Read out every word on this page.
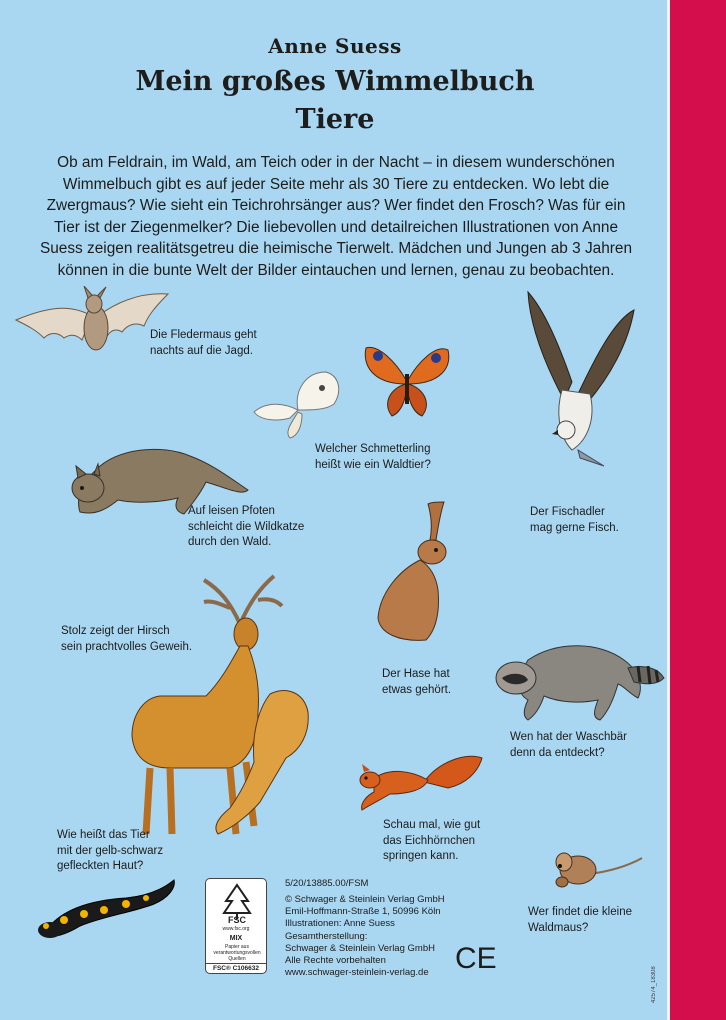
Anne Suess
Mein großes Wimmelbuch
Tiere
Ob am Feldrain, im Wald, am Teich oder in der Nacht – in diesem wunderschönen Wimmelbuch gibt es auf jeder Seite mehr als 30 Tiere zu entdecken. Wo lebt die Zwergmaus? Wie sieht ein Teichrohrsänger aus? Wer findet den Frosch? Was für ein Tier ist der Ziegenmelker? Die liebevollen und detailreichen Illustrationen von Anne Suess zeigen realitätsgetreu die heimische Tierwelt. Mädchen und Jungen ab 3 Jahren können in die bunte Welt der Bilder eintauchen und lernen, genau zu beobachten.
Die Fledermaus geht
nachts auf die Jagd.
Welcher Schmetterling
heißt wie ein Waldtier?
Der Fischadler
mag gerne Fisch.
Auf leisen Pfoten
schleicht die Wildkatze
durch den Wald.
Der Hase hat
etwas gehört.
Wen hat der Waschbär
denn da entdeckt?
Stolz zeigt der Hirsch
sein prachtvolles Geweih.
Schau mal, wie gut
das Eichhörnchen
springen kann.
Wie heißt das Tier
mit der gelb-schwarz
gefleckten Haut?
Wer findet die kleine
Waldmaus?
FSC
www.fsc.org
MIX
Papier aus verantwortungsvollen Quellen
FSC® C106632
5/20/13885.00/FSM
© Schwager & Steinlein Verlag GmbH
Emil-Hoffmann-Straße 1, 50996 Köln
Illustrationen: Anne Suess
Gesamtherstellung:
Schwager & Steinlein Verlag GmbH
Alle Rechte vorbehalten
www.schwager-steinlein-verlag.de CE
42574_18308
